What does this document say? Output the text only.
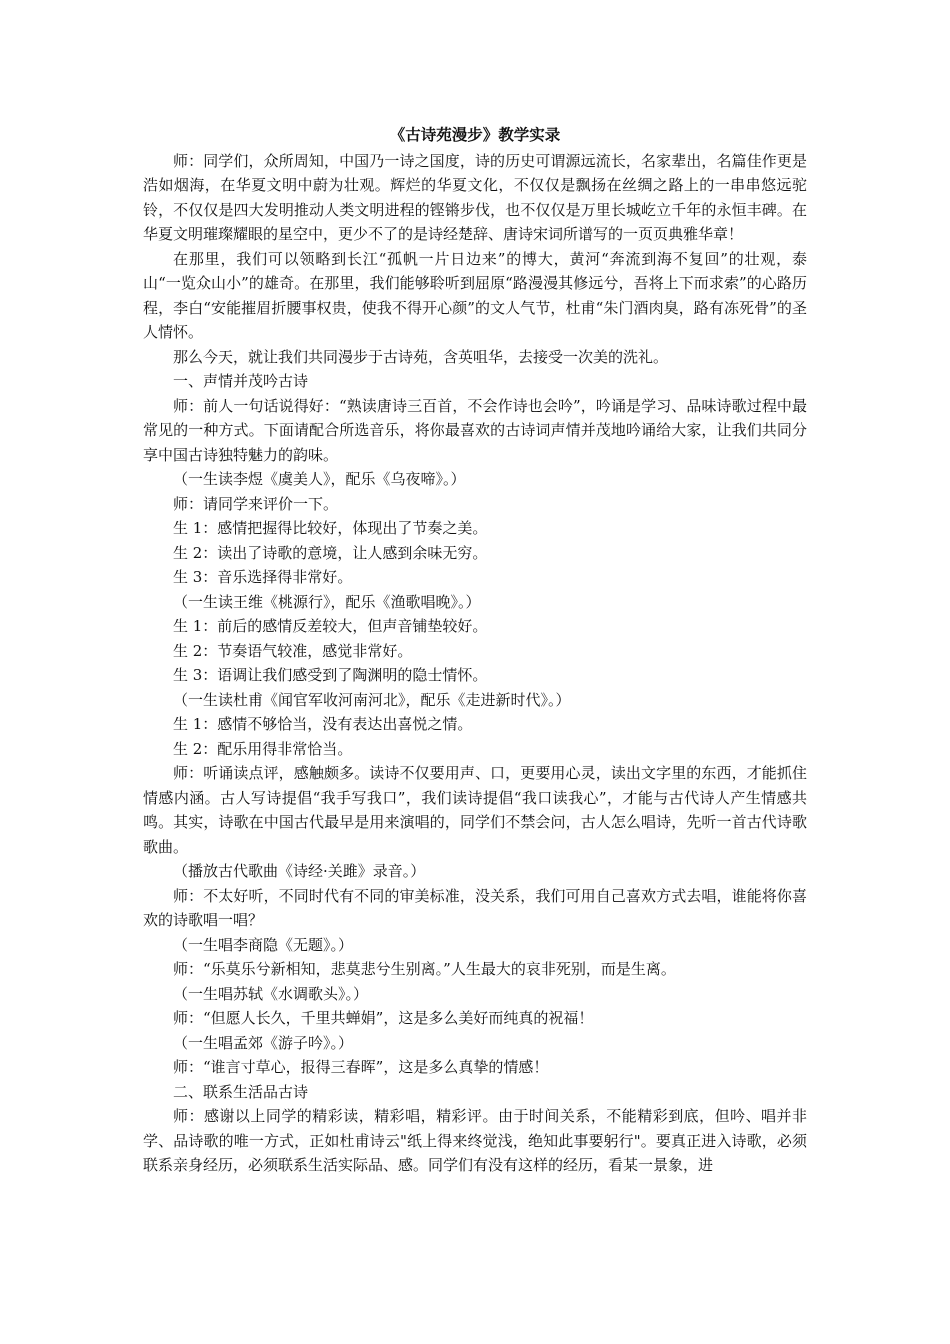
《古诗苑漫步》教学实录

师：同学们，众所周知，中国乃一诗之国度，诗的历史可谓源远流长，名家辈出，名篇佳作更是浩如烟海，在华夏文明中蔚为壮观。辉烂的华夏文化，不仅仅是飘扬在丝绸之路上的一串串悠远驼铃，不仅仅是四大发明推动人类文明进程的铿锵步伐，也不仅仅是万里长城屹立千年的永恒丰碑。在华夏文明璀璨耀眼的星空中，更少不了的是诗经楚辞、唐诗宋词所谱写的一页页典雅华章！

在那里，我们可以领略到长江“孤帆一片日边来”的博大，黄河“奔流到海不复回”的壮观，泰山“一览众山小”的雄奇。在那里，我们能够聆听到屈原“路漫漫其修远兮，吾将上下而求索”的心路历程，李白“安能摧眉折腰事权贵，使我不得开心颜”的文人气节，杜甫“朱门酒肉臭，路有冻死骨”的圣人情怀。

那么今天，就让我们共同漫步于古诗苑，含英咀华，去接受一次美的洗礼。

一、声情并茂吟古诗

师：前人一句话说得好：“熟读唐诗三百首，不会作诗也会吟”，吟诵是学习、品味诗歌过程中最常见的一种方式。下面请配合所选音乐，将你最喜欢的古诗词声情并茂地吟诵给大家，让我们共同分享中国古诗独特魅力的韵味。

（一生读李煜《虞美人》，配乐《乌夜啼》。）

师：请同学来评价一下。

生 1：感情把握得比较好，体现出了节奏之美。

生 2：读出了诗歌的意境，让人感到余味无穷。

生 3：音乐选择得非常好。

（一生读王维《桃源行》，配乐《渔歌唱晚》。）

生 1：前后的感情反差较大，但声音铺垫较好。

生 2：节奏语气较准，感觉非常好。

生 3：语调让我们感受到了陶渊明的隐士情怀。

（一生读杜甫《闻官军收河南河北》，配乐《走进新时代》。）

生 1：感情不够恰当，没有表达出喜悦之情。

生 2：配乐用得非常恰当。

师：听诵读点评，感触颇多。读诗不仅要用声、口，更要用心灵，读出文字里的东西，才能抓住情感内涵。古人写诗提倡“我手写我口”，我们读诗提倡“我口读我心”，才能与古代诗人产生情感共鸣。其实，诗歌在中国古代最早是用来演唱的，同学们不禁会问，古人怎么唱诗，先听一首古代诗歌歌曲。

（播放古代歌曲《诗经·关雎》录音。）

师：不太好听，不同时代有不同的审美标准，没关系，我们可用自己喜欢方式去唱，谁能将你喜欢的诗歌唱一唱？

（一生唱李商隐《无题》。）

师：“乐莫乐兮新相知，悲莫悲兮生别离。”人生最大的哀非死别，而是生离。

（一生唱苏轼《水调歌头》。）

师：“但愿人长久，千里共蝉娟”，这是多么美好而纯真的祝福！

（一生唱孟郊《游子吟》。）

师：“谁言寸草心，报得三春晖”，这是多么真挚的情感！

二、联系生活品古诗

师：感谢以上同学的精彩读，精彩唱，精彩评。由于时间关系，不能精彩到底，但吟、唱并非学、品诗歌的唯一方式，正如杜甫诗云"纸上得来终觉浅，绝知此事要躬行"。要真正进入诗歌，必须联系亲身经历，必须联系生活实际品、感。同学们有没有这样的经历，看某一景象，进
